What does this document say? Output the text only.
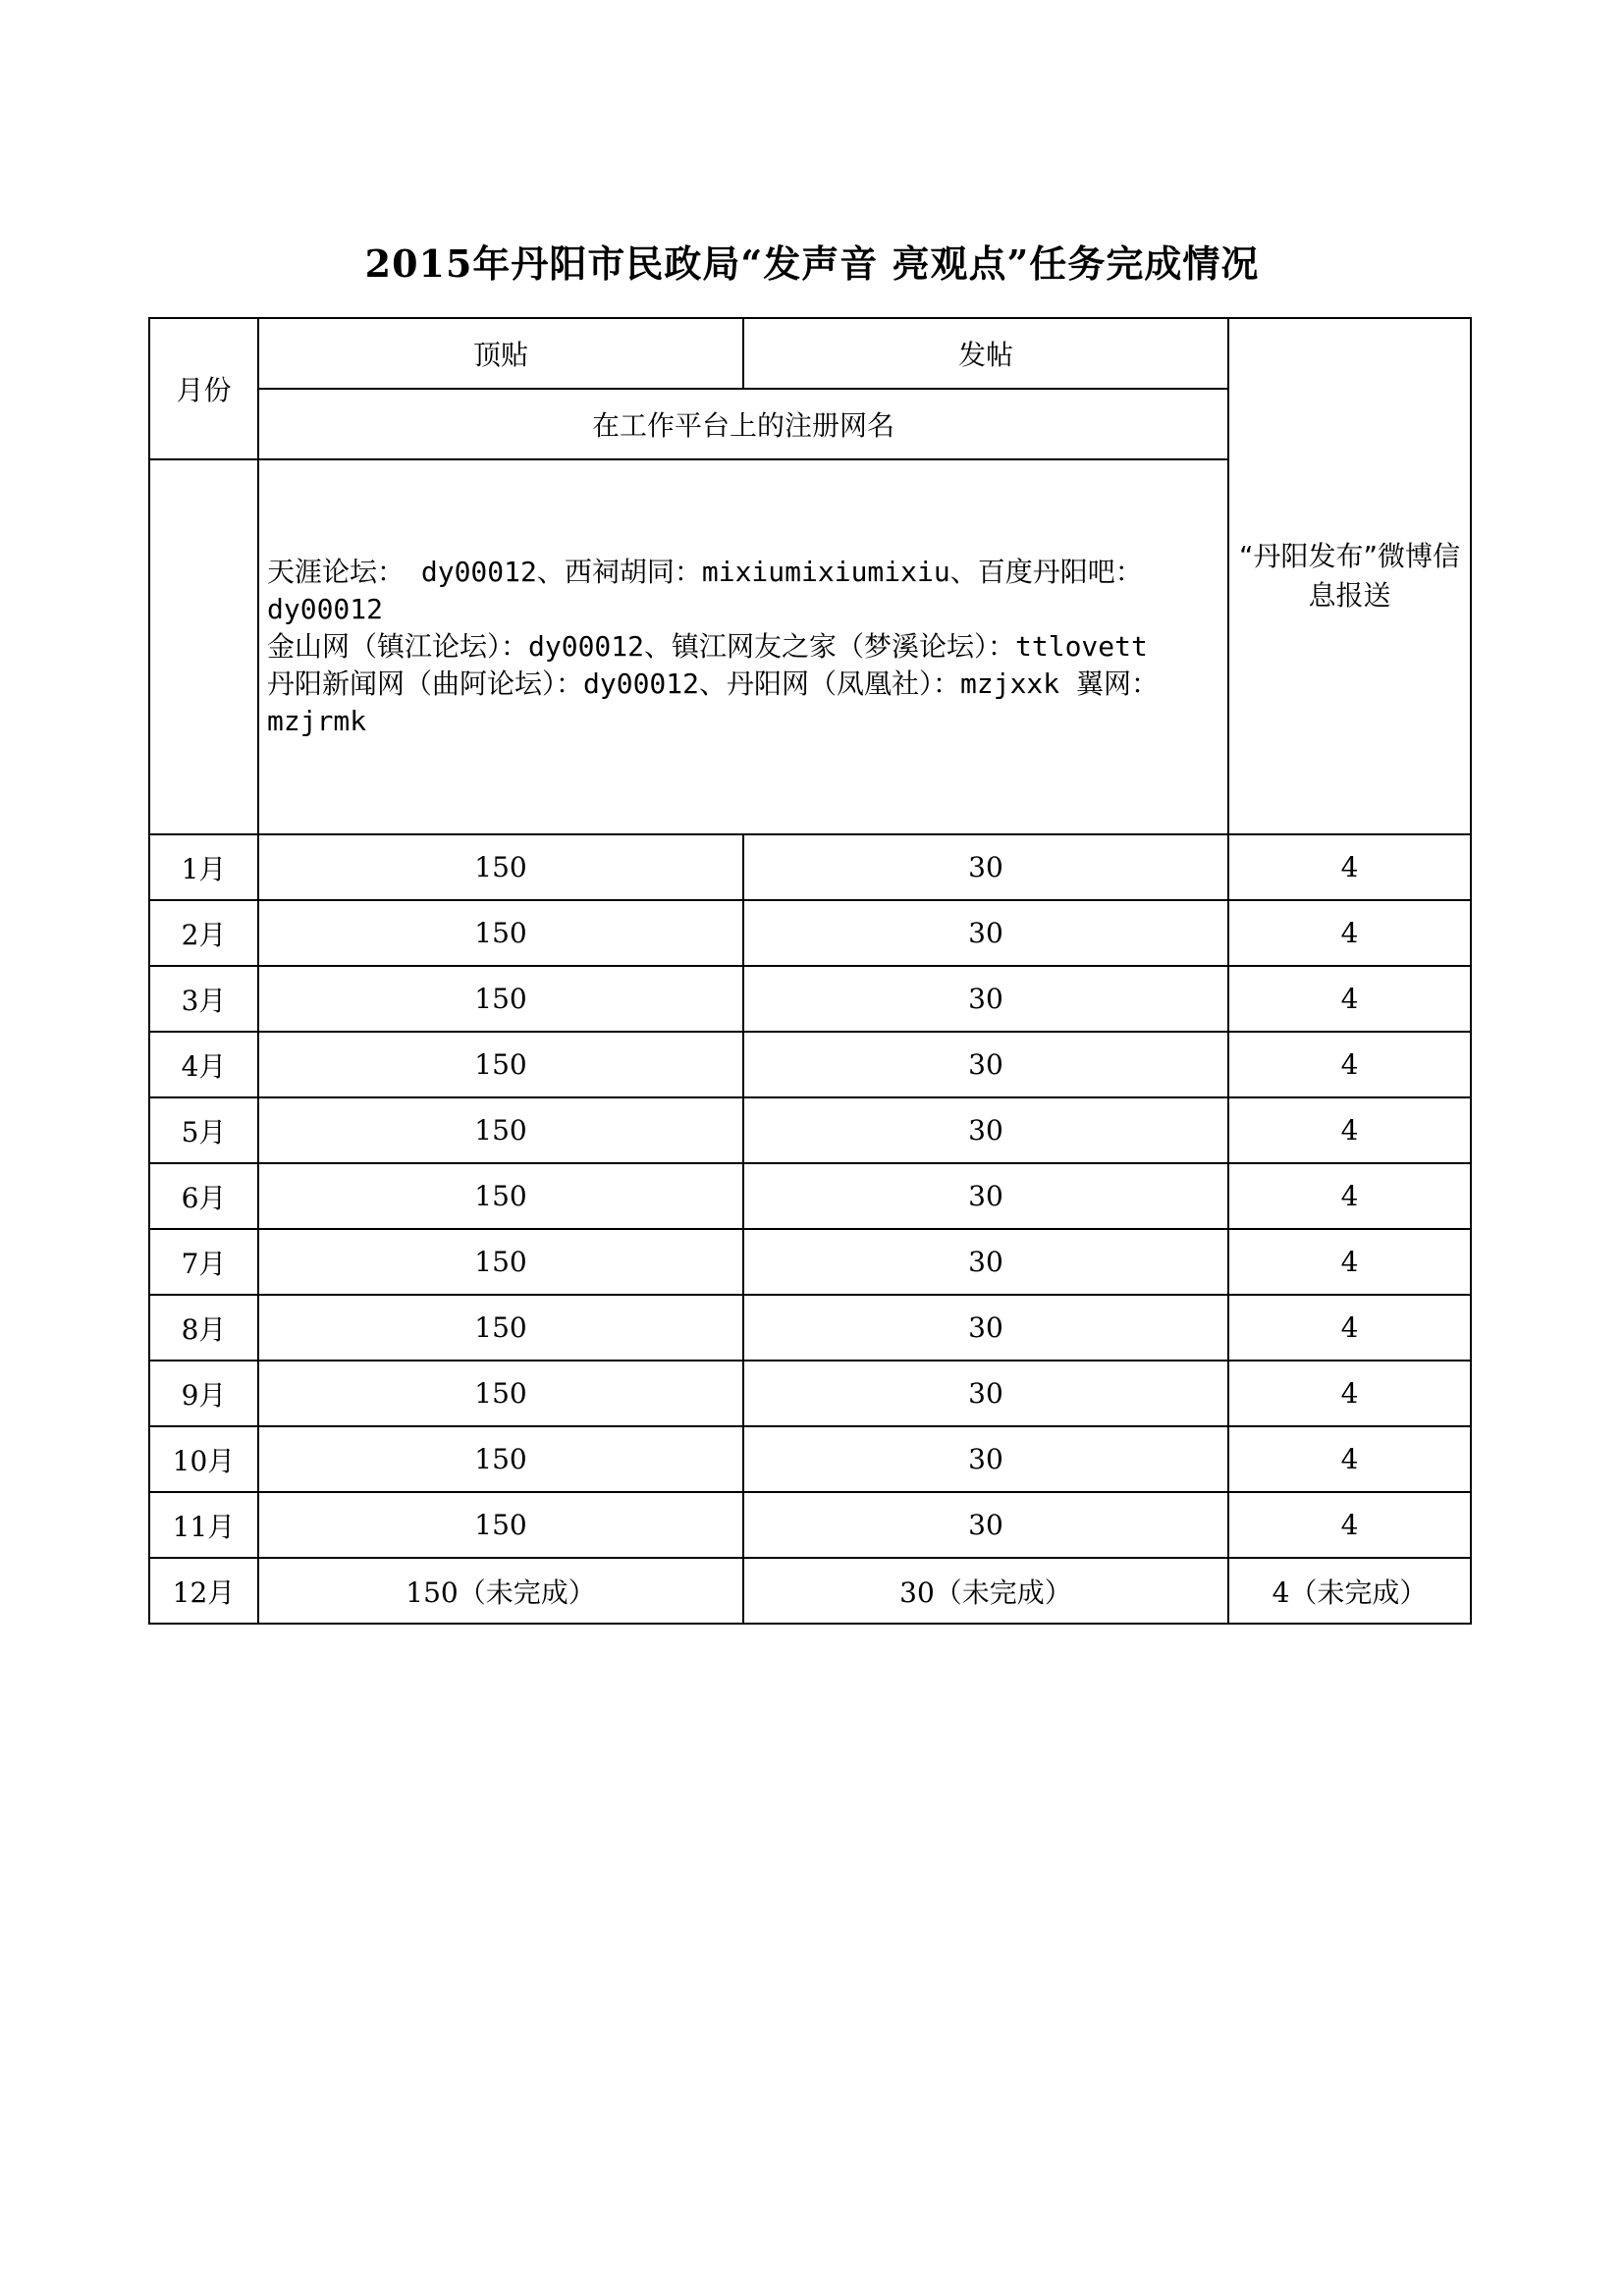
2015年丹阳市民政局“发声音 亮观点”任务完成情况
月份	顶贴	发帖	“丹阳发布”微博信息报送
	在工作平台上的注册网名		

	天涯论坛： dy00012、西祠胡同：mixiumixiumixiu、百度丹阳吧：dy00012
金山网（镇江论坛）：dy00012、镇江网友之家（梦溪论坛）：ttlovett
丹阳新闻网（曲阿论坛）：dy00012、丹阳网（凤凰社）：mzjxxk 翼网：mzjrmk		

1月	150	30	4
2月	150	30	4
3月	150	30	4
4月	150	30	4
5月	150	30	4
6月	150	30	4
7月	150	30	4
8月	150	30	4
9月	150	30	4
10月	150	30	4
11月	150	30	4
12月	150（未完成）	30（未完成）	4（未完成）
